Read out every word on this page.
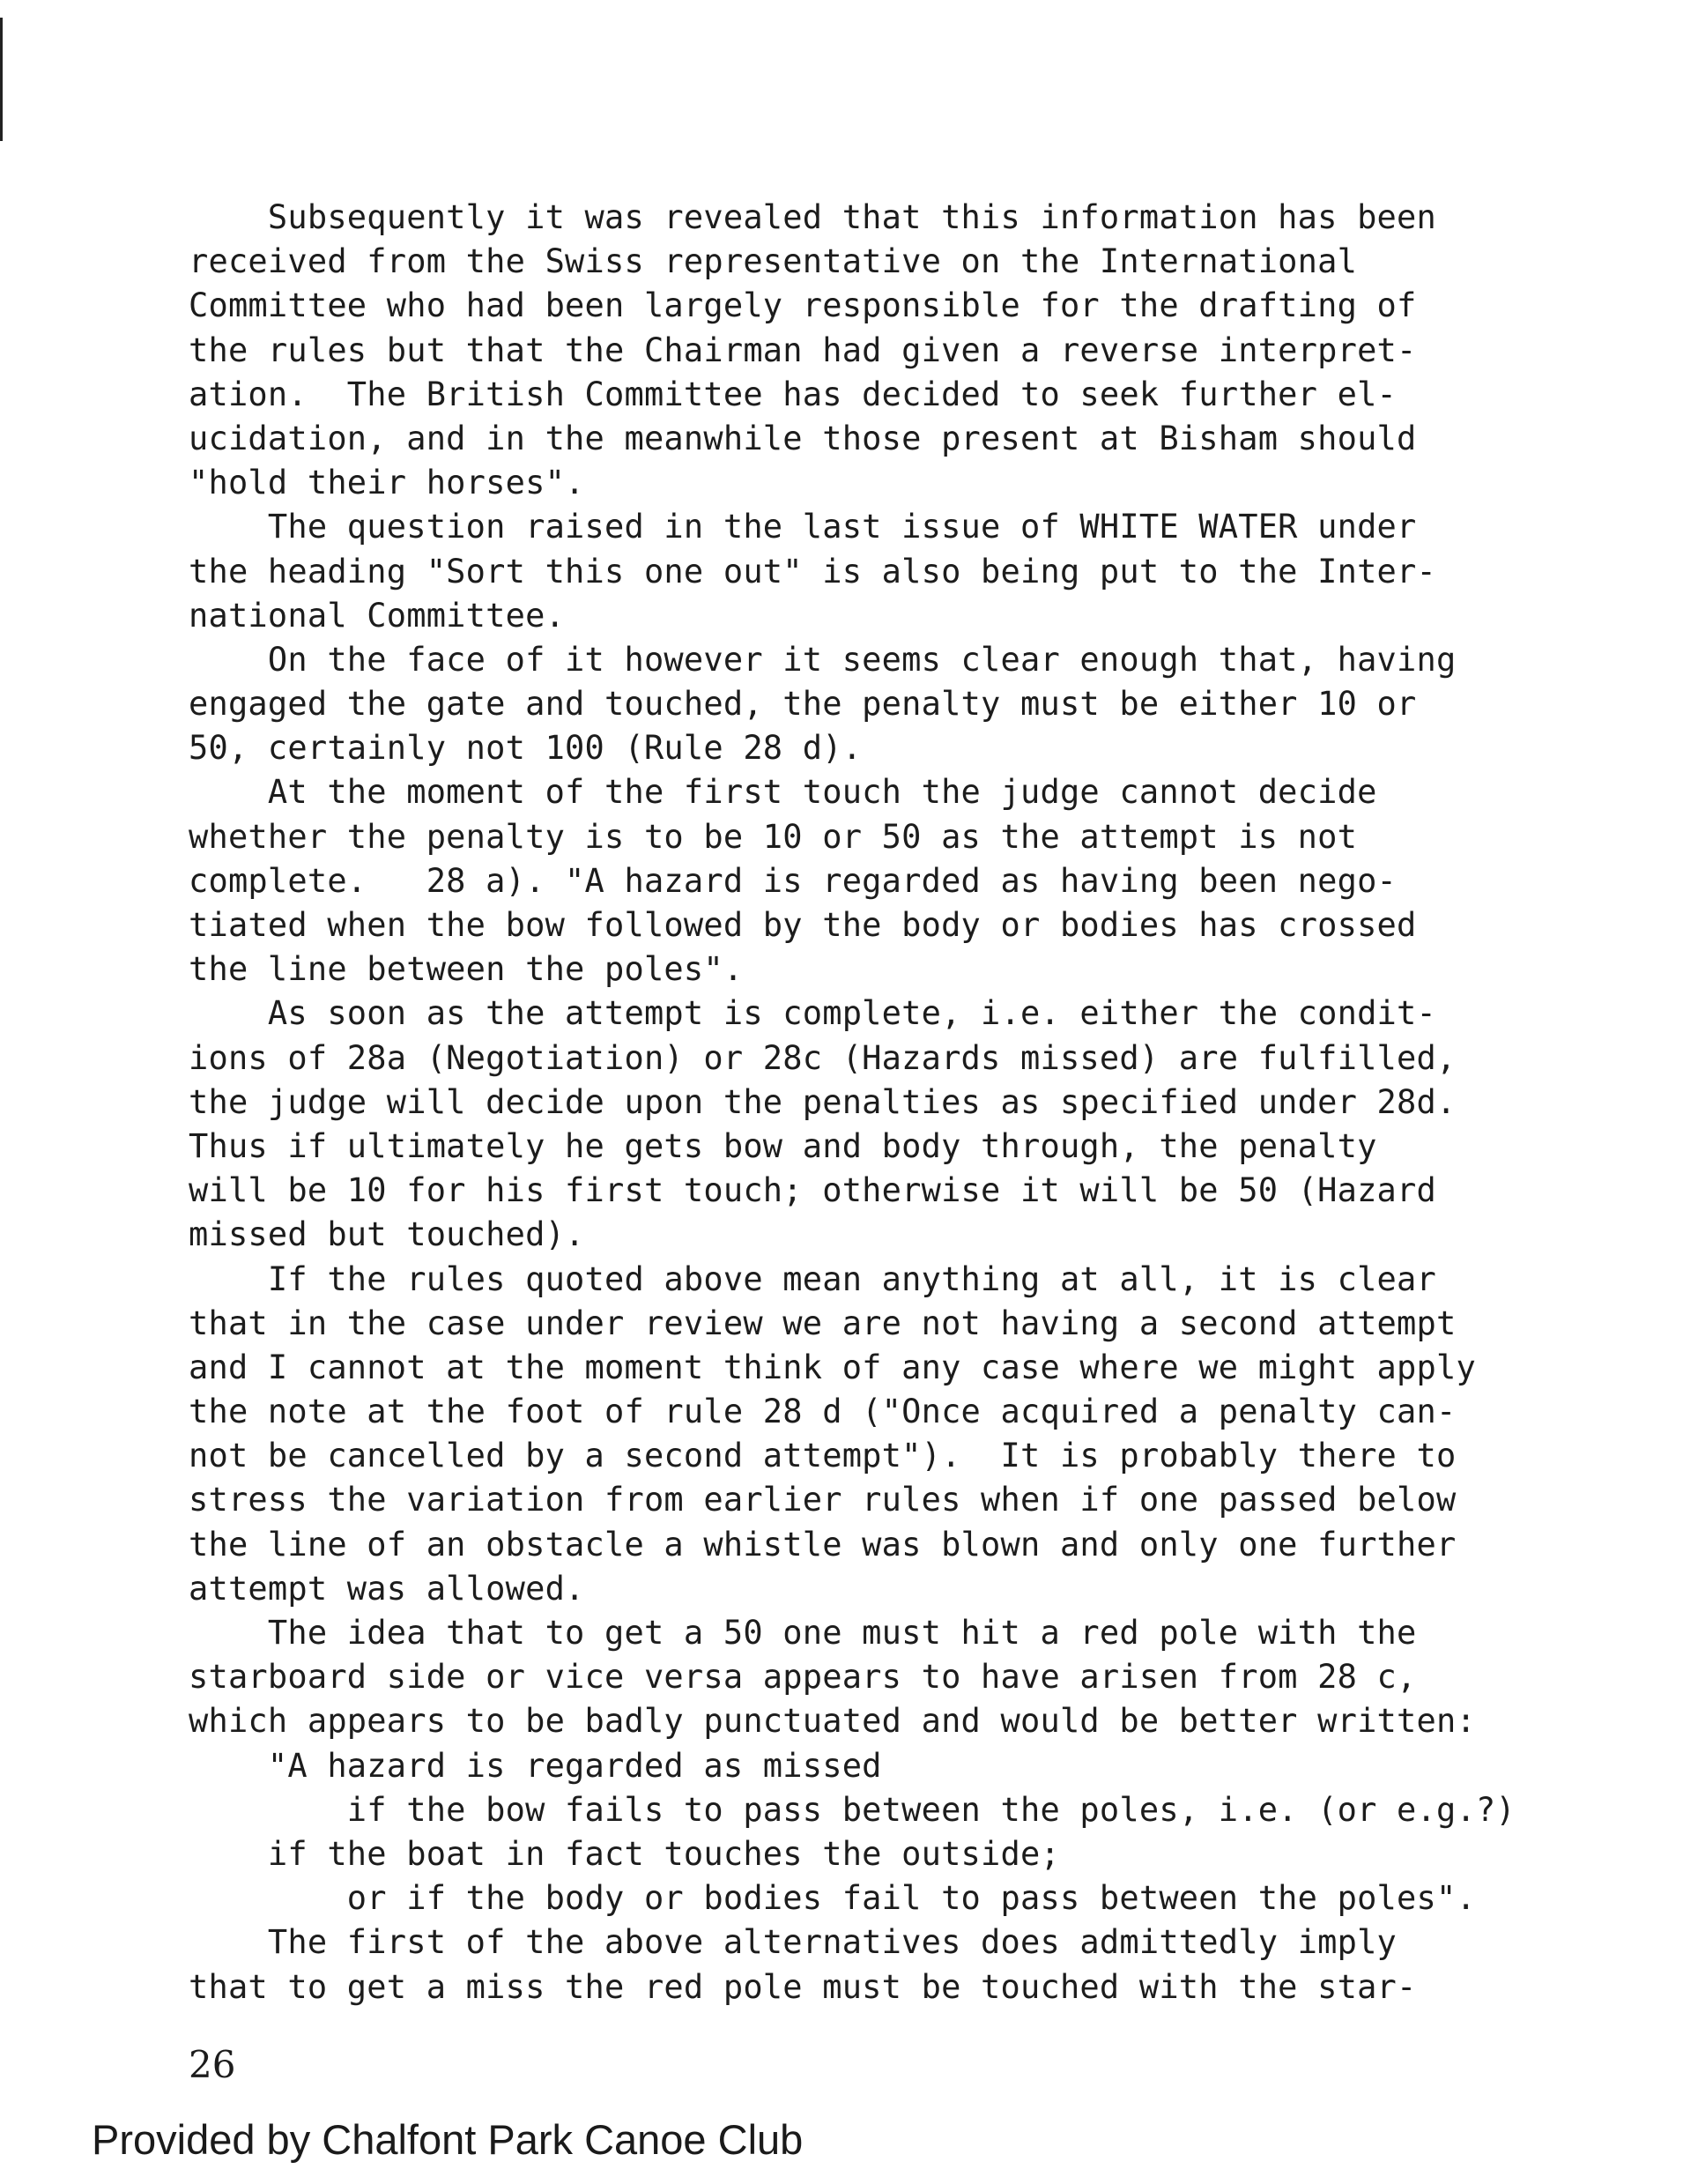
Subsequently it was revealed that this information has been
received from the Swiss representative on the International
Committee who had been largely responsible for the drafting of
the rules but that the Chairman had given a reverse interpret-
ation.  The British Committee has decided to seek further el-
ucidation, and in the meanwhile those present at Bisham should
"hold their horses".
The question raised in the last issue of WHITE WATER under
the heading "Sort this one out" is also being put to the Inter-
national Committee.
On the face of it however it seems clear enough that, having
engaged the gate and touched, the penalty must be either 10 or
50, certainly not 100 (Rule 28 d).
At the moment of the first touch the judge cannot decide
whether the penalty is to be 10 or 50 as the attempt is not
complete.   28 a). "A hazard is regarded as having been nego-
tiated when the bow followed by the body or bodies has crossed
the line between the poles".
As soon as the attempt is complete, i.e. either the condit-
ions of 28a (Negotiation) or 28c (Hazards missed) are fulfilled,
the judge will decide upon the penalties as specified under 28d.
Thus if ultimately he gets bow and body through, the penalty
will be 10 for his first touch; otherwise it will be 50 (Hazard
missed but touched).
If the rules quoted above mean anything at all, it is clear
that in the case under review we are not having a second attempt
and I cannot at the moment think of any case where we might apply
the note at the foot of rule 28 d ("Once acquired a penalty can-
not be cancelled by a second attempt").  It is probably there to
stress the variation from earlier rules when if one passed below
the line of an obstacle a whistle was blown and only one further
attempt was allowed.
The idea that to get a 50 one must hit a red pole with the
starboard side or vice versa appears to have arisen from 28 c,
which appears to be badly punctuated and would be better written:
"A hazard is regarded as missed
if the bow fails to pass between the poles, i.e. (or e.g.?)
if the boat in fact touches the outside;
or if the body or bodies fail to pass between the poles".
The first of the above alternatives does admittedly imply
that to get a miss the red pole must be touched with the star-
26
Provided by Chalfont Park Canoe Club
